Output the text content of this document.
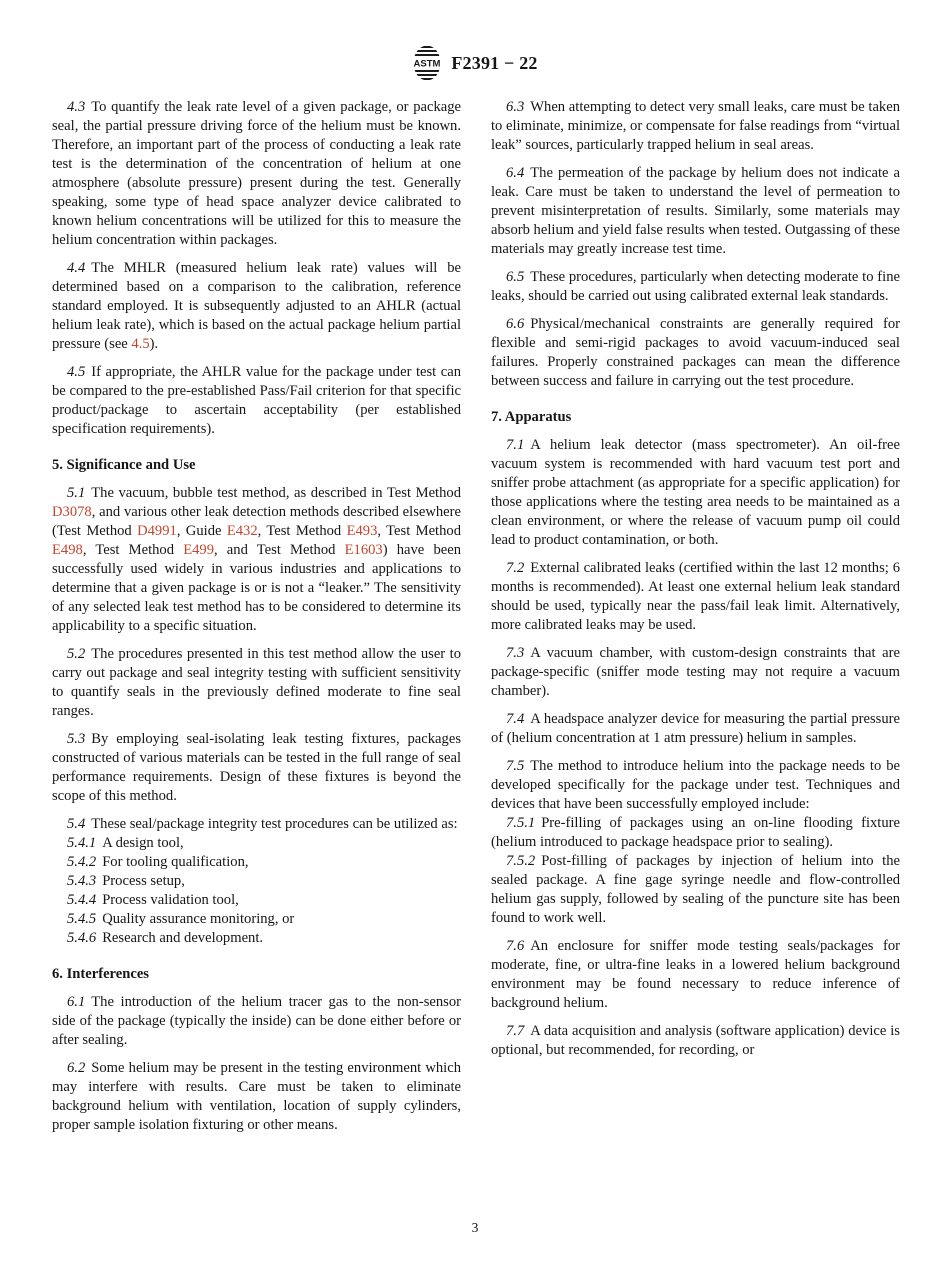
ASTM F2391 − 22

4.3 To quantify the leak rate level of a given package, or package seal, the partial pressure driving force of the helium must be known. Therefore, an important part of the process of conducting a leak rate test is the determination of the concentration of helium at one atmosphere (absolute pressure) present during the test. Generally speaking, some type of head space analyzer device calibrated to known helium concentrations will be utilized for this to measure the helium concentration within packages.

4.4 The MHLR (measured helium leak rate) values will be determined based on a comparison to the calibration, reference standard employed. It is subsequently adjusted to an AHLR (actual helium leak rate), which is based on the actual package helium partial pressure (see 4.5).

4.5 If appropriate, the AHLR value for the package under test can be compared to the pre-established Pass/Fail criterion for that specific product/package to ascertain acceptability (per established specification requirements).

5. Significance and Use

5.1 The vacuum, bubble test method, as described in Test Method D3078, and various other leak detection methods described elsewhere (Test Method D4991, Guide E432, Test Method E493, Test Method E498, Test Method E499, and Test Method E1603) have been successfully used widely in various industries and applications to determine that a given package is or is not a “leaker.” The sensitivity of any selected leak test method has to be considered to determine its applicability to a specific situation.

5.2 The procedures presented in this test method allow the user to carry out package and seal integrity testing with sufficient sensitivity to quantify seals in the previously defined moderate to fine seal ranges.

5.3 By employing seal-isolating leak testing fixtures, packages constructed of various materials can be tested in the full range of seal performance requirements. Design of these fixtures is beyond the scope of this method.

5.4 These seal/package integrity test procedures can be utilized as:

5.4.1 A design tool,

5.4.2 For tooling qualification,

5.4.3 Process setup,

5.4.4 Process validation tool,

5.4.5 Quality assurance monitoring, or

5.4.6 Research and development.

6. Interferences

6.1 The introduction of the helium tracer gas to the non-sensor side of the package (typically the inside) can be done either before or after sealing.

6.2 Some helium may be present in the testing environment which may interfere with results. Care must be taken to eliminate background helium with ventilation, location of supply cylinders, proper sample isolation fixturing or other means.

6.3 When attempting to detect very small leaks, care must be taken to eliminate, minimize, or compensate for false readings from “virtual leak” sources, particularly trapped helium in seal areas.

6.4 The permeation of the package by helium does not indicate a leak. Care must be taken to understand the level of permeation to prevent misinterpretation of results. Similarly, some materials may absorb helium and yield false results when tested. Outgassing of these materials may greatly increase test time.

6.5 These procedures, particularly when detecting moderate to fine leaks, should be carried out using calibrated external leak standards.

6.6 Physical/mechanical constraints are generally required for flexible and semi-rigid packages to avoid vacuum-induced seal failures. Properly constrained packages can mean the difference between success and failure in carrying out the test procedure.

7. Apparatus

7.1 A helium leak detector (mass spectrometer). An oil-free vacuum system is recommended with hard vacuum test port and sniffer probe attachment (as appropriate for a specific application) for those applications where the testing area needs to be maintained as a clean environment, or where the release of vacuum pump oil could lead to product contamination, or both.

7.2 External calibrated leaks (certified within the last 12 months; 6 months is recommended). At least one external helium leak standard should be used, typically near the pass/fail leak limit. Alternatively, more calibrated leaks may be used.

7.3 A vacuum chamber, with custom-design constraints that are package-specific (sniffer mode testing may not require a vacuum chamber).

7.4 A headspace analyzer device for measuring the partial pressure of (helium concentration at 1 atm pressure) helium in samples.

7.5 The method to introduce helium into the package needs to be developed specifically for the package under test. Techniques and devices that have been successfully employed include:

7.5.1 Pre-filling of packages using an on-line flooding fixture (helium introduced to package headspace prior to sealing).

7.5.2 Post-filling of packages by injection of helium into the sealed package. A fine gage syringe needle and flow-controlled helium gas supply, followed by sealing of the puncture site has been found to work well.

7.6 An enclosure for sniffer mode testing seals/packages for moderate, fine, or ultra-fine leaks in a lowered helium background environment may be found necessary to reduce inference of background helium.

7.7 A data acquisition and analysis (software application) device is optional, but recommended, for recording, or

3
